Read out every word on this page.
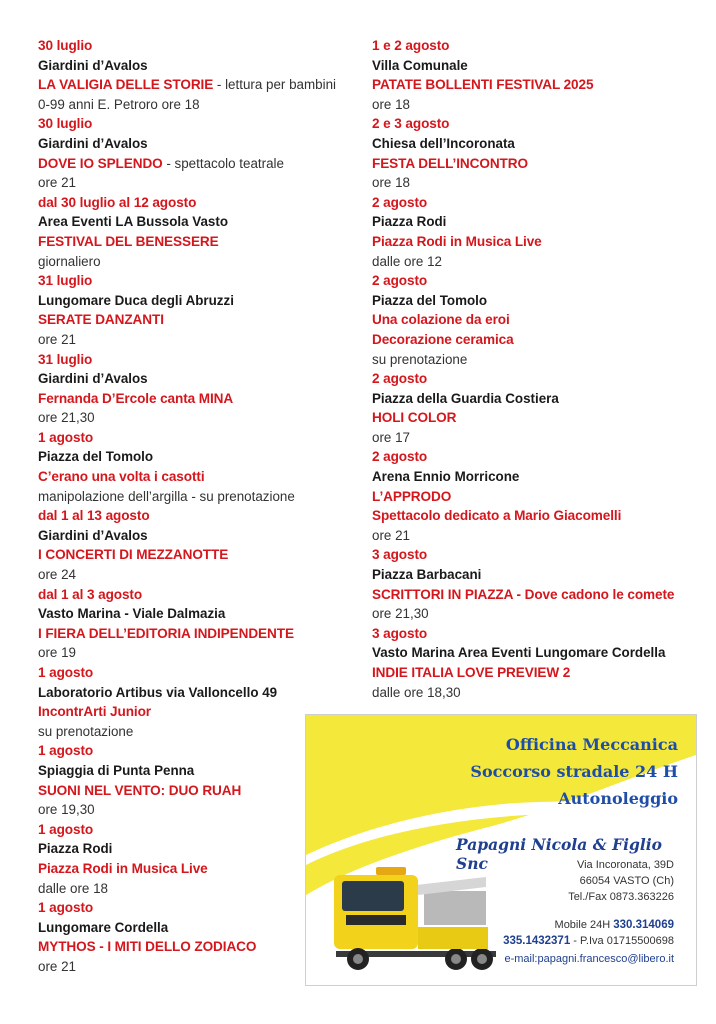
30 luglio
Giardini d’Avalos
LA VALIGIA DELLE STORIE - lettura per bambini
0-99 anni E. Petroro ore 18
30 luglio
Giardini d’Avalos
DOVE IO SPLENDO - spettacolo teatrale
ore 21
dal 30 luglio al 12 agosto
Area Eventi LA Bussola Vasto
FESTIVAL DEL BENESSERE
giornaliero
31 luglio
Lungomare Duca degli Abruzzi
SERATE DANZANTI
ore 21
31 luglio
Giardini d’Avalos
Fernanda D’Ercole canta MINA
ore 21,30
1 agosto
Piazza del Tomolo
C’erano una volta i casotti
manipolazione dell’argilla - su prenotazione
dal 1 al 13 agosto
Giardini d’Avalos
I CONCERTI DI MEZZANOTTE
ore 24
dal 1 al 3 agosto
Vasto Marina - Viale Dalmazia
I FIERA DELL’EDITORIA INDIPENDENTE
ore 19
1 agosto
Laboratorio Artibus via Valloncello 49
IncontrArti Junior
su prenotazione
1 agosto
Spiaggia di Punta Penna
SUONI NEL VENTO: DUO RUAH
ore 19,30
1 agosto
Piazza Rodi
Piazza Rodi in Musica Live
dalle ore 18
1 agosto
Lungomare Cordella
MYTHOS - I MITI DELLO ZODIACO
ore 21
1 e 2 agosto
Villa Comunale
PATATE BOLLENTI FESTIVAL 2025
ore 18
2 e 3 agosto
Chiesa dell’Incoronata
FESTA DELL’INCONTRO
ore 18
2 agosto
Piazza Rodi
Piazza Rodi in Musica Live
dalle ore 12
2 agosto
Piazza del Tomolo
Una colazione da eroi
Decorazione ceramica
su prenotazione
2 agosto
Piazza della Guardia Costiera
HOLI COLOR
ore 17
2 agosto
Arena Ennio Morricone
L’APPRODO
Spettacolo dedicato a Mario Giacomelli
ore 21
3 agosto
Piazza Barbacani
SCRITTORI IN PIAZZA - Dove cadono le comete
ore 21,30
3 agosto
Vasto Marina Area Eventi Lungomare Cordella
INDIE ITALIA LOVE PREVIEW 2
dalle ore 18,30
Officina Meccanica
Soccorso stradale 24 H
Autonoleggio
Papagni Nicola & Figlio Snc	Via Incoronata, 39D
66054 VASTO (Ch)
Tel./Fax 0873.363226
Mobile 24H 330.314069
335.1432371 - P.Iva 01715500698
e-mail:papagni.francesco@libero.it
